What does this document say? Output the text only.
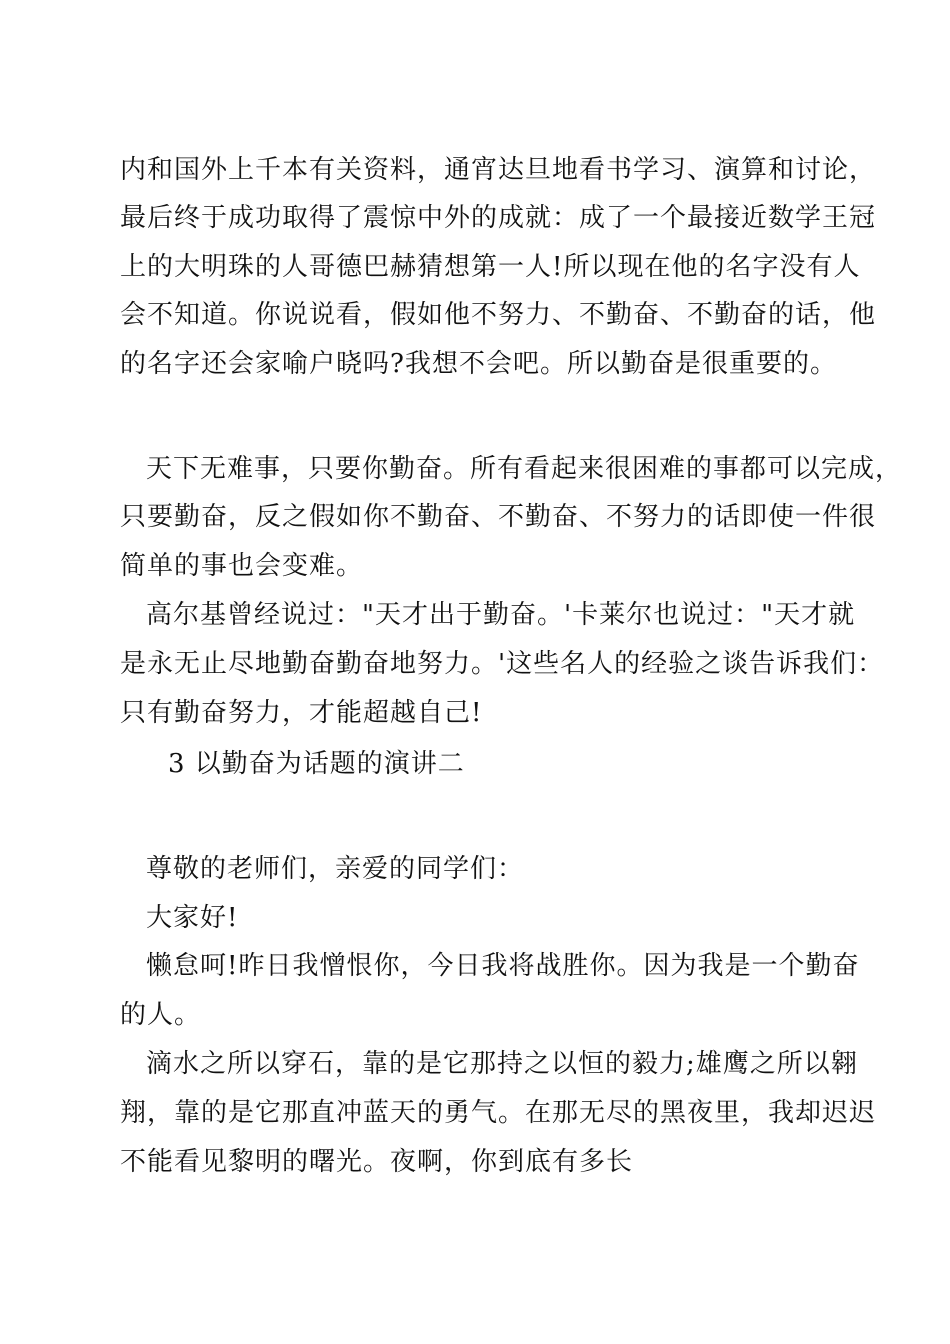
内和国外上千本有关资料，通宵达旦地看书学习、演算和讨论，
最后终于成功取得了震惊中外的成就：成了一个最接近数学王冠
上的大明珠的人哥德巴赫猜想第一人!所以现在他的名字没有人
会不知道。你说说看，假如他不努力、不勤奋、不勤奋的话，他
的名字还会家喻户晓吗?我想不会吧。所以勤奋是很重要的。
天下无难事，只要你勤奋。所有看起来很困难的事都可以完成，
只要勤奋，反之假如你不勤奋、不勤奋、不努力的话即使一件很
简单的事也会变难。
高尔基曾经说过："天才出于勤奋。'卡莱尔也说过："天才就
是永无止尽地勤奋勤奋地努力。'这些名人的经验之谈告诉我们：
只有勤奋努力，才能超越自己!
3 以勤奋为话题的演讲二
尊敬的老师们，亲爱的同学们：
大家好!
懒怠呵!昨日我憎恨你，今日我将战胜你。因为我是一个勤奋
的人。
滴水之所以穿石，靠的是它那持之以恒的毅力;雄鹰之所以翱
翔，靠的是它那直冲蓝天的勇气。在那无尽的黑夜里，我却迟迟
不能看见黎明的曙光。夜啊，你到底有多长
